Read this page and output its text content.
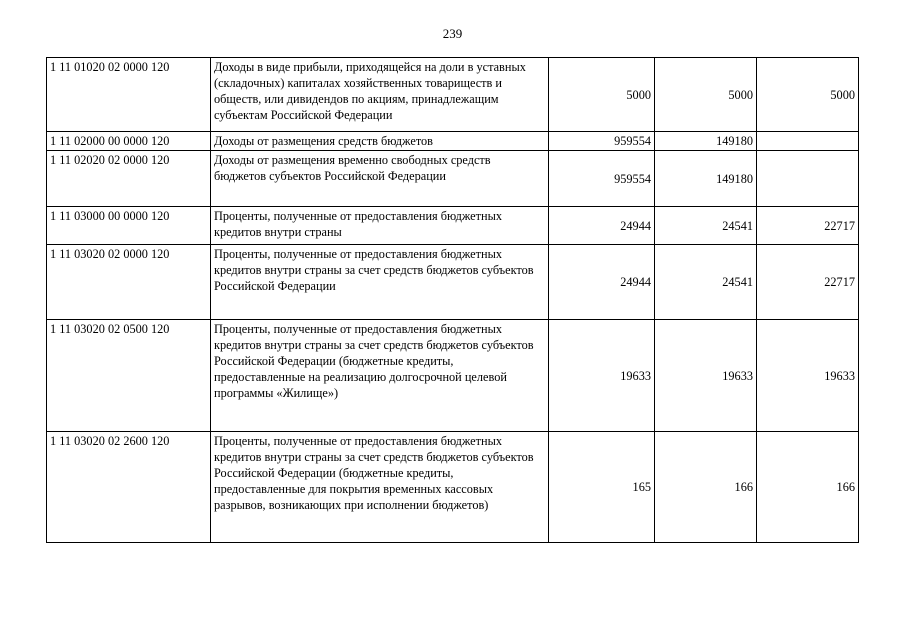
239
1 11 01020 02 0000 120	Доходы в виде прибыли, приходящейся на доли в уставных (складочных) капиталах хозяйственных товариществ и обществ, или дивидендов по акциям, принадлежащим субъектам Российской Федерации	5000	5000	5000
1 11 02000 00 0000 120	Доходы от размещения средств бюджетов	959554	149180	
1 11 02020 02 0000 120	Доходы от размещения временно свободных средств бюджетов субъектов Российской Федерации	959554	149180	
1 11 03000 00 0000 120	Проценты, полученные от предоставления бюджетных кредитов внутри страны	24944	24541	22717
1 11 03020 02 0000 120	Проценты, полученные от предоставления бюджетных кредитов внутри страны за счет средств бюджетов субъектов Российской Федерации	24944	24541	22717
1 11 03020 02 0500 120	Проценты, полученные от предоставления бюджетных кредитов внутри страны за счет средств бюджетов субъектов Российской Федерации (бюджетные кредиты, предоставленные на реализацию долгосрочной целевой программы «Жилище»)	19633	19633	19633
1 11 03020 02 2600 120	Проценты, полученные от предоставления бюджетных кредитов внутри страны за счет средств бюджетов субъектов Российской Федерации (бюджетные кредиты, предоставленные для покрытия временных кассовых разрывов, возникающих при исполнении бюджетов)	165	166	166
